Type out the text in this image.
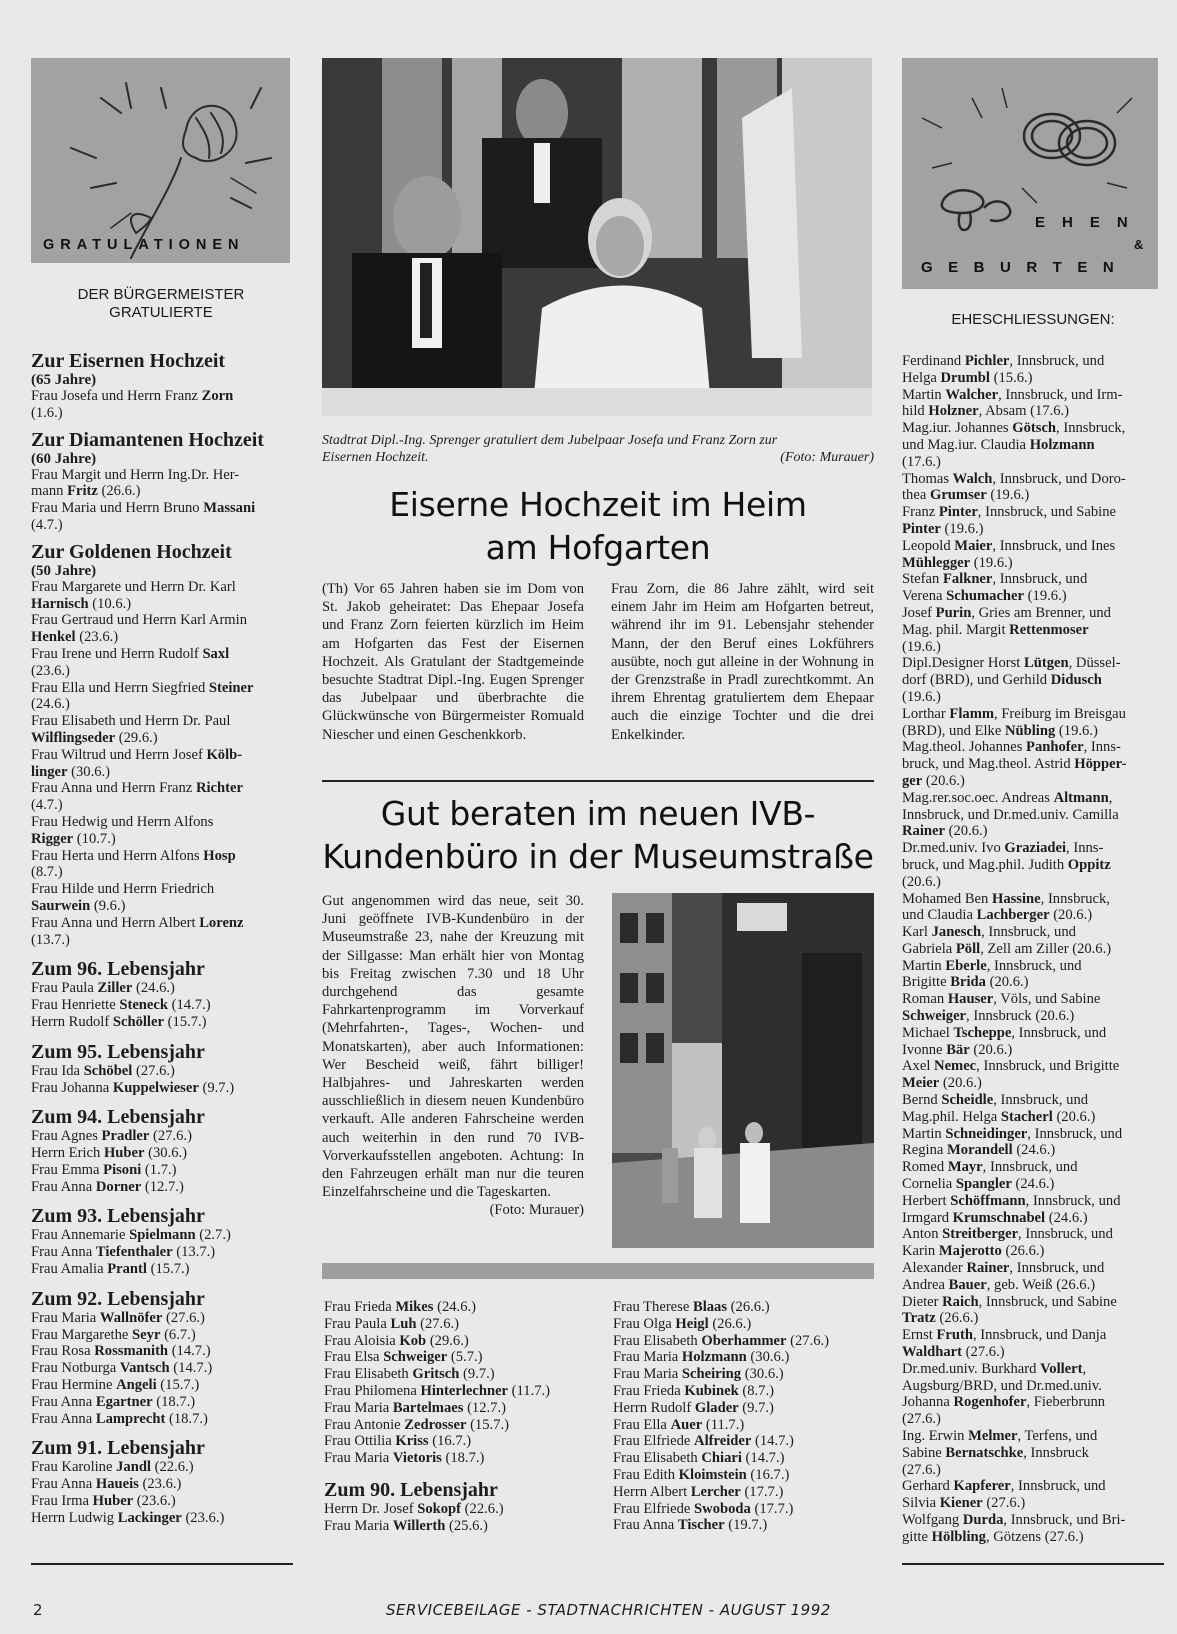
GRATULATIONEN
DER BÜRGERMEISTER
GRATULIERTE
Zur Eisernen Hochzeit
(65 Jahre)
Frau Josefa und Herrn Franz Zorn
(1.6.)
Zur Diamantenen Hochzeit
(60 Jahre)
Frau Margit und Herrn Ing.Dr. Her-
mann Fritz (26.6.)
Frau Maria und Herrn Bruno Massani
(4.7.)
Zur Goldenen Hochzeit
(50 Jahre)
Frau Margarete und Herrn Dr. Karl
Harnisch (10.6.)
Frau Gertraud und Herrn Karl Armin
Henkel (23.6.)
Frau Irene und Herrn Rudolf Saxl
(23.6.)
Frau Ella und Herrn Siegfried Steiner
(24.6.)
Frau Elisabeth und Herrn Dr. Paul
Wilflingseder (29.6.)
Frau Wiltrud und Herrn Josef Kölb-
linger (30.6.)
Frau Anna und Herrn Franz Richter
(4.7.)
Frau Hedwig und Herrn Alfons
Rigger (10.7.)
Frau Herta und Herrn Alfons Hosp
(8.7.)
Frau Hilde und Herrn Friedrich
Saurwein (9.6.)
Frau Anna und Herrn Albert Lorenz
(13.7.)
Zum 96. Lebensjahr
Frau Paula Ziller (24.6.)
Frau Henriette Steneck (14.7.)
Herrn Rudolf Schöller (15.7.)
Zum 95. Lebensjahr
Frau Ida Schöbel (27.6.)
Frau Johanna Kuppelwieser (9.7.)
Zum 94. Lebensjahr
Frau Agnes Pradler (27.6.)
Herrn Erich Huber (30.6.)
Frau Emma Pisoni (1.7.)
Frau Anna Dorner (12.7.)
Zum 93. Lebensjahr
Frau Annemarie Spielmann (2.7.)
Frau Anna Tiefenthaler (13.7.)
Frau Amalia Prantl (15.7.)
Zum 92. Lebensjahr
Frau Maria Wallnöfer (27.6.)
Frau Margarethe Seyr (6.7.)
Frau Rosa Rossmanith (14.7.)
Frau Notburga Vantsch (14.7.)
Frau Hermine Angeli (15.7.)
Frau Anna Egartner (18.7.)
Frau Anna Lamprecht (18.7.)
Zum 91. Lebensjahr
Frau Karoline Jandl (22.6.)
Frau Anna Haueis (23.6.)
Frau Irma Huber (23.6.)
Herrn Ludwig Lackinger (23.6.)
Stadtrat Dipl.-Ing. Sprenger gratuliert dem Jubelpaar Josefa und Franz Zorn zur
Eisernen Hochzeit.	(Foto: Murauer)
Eiserne Hochzeit im Heim
am Hofgarten
(Th) Vor 65 Jahren haben sie im Dom von St. Jakob geheiratet: Das Ehepaar Josefa und Franz Zorn feierten kürzlich im Heim am Hofgarten das Fest der Eisernen Hochzeit. Als Gratulant der Stadtgemeinde besuchte Stadtrat Dipl.-Ing. Eugen Sprenger das Jubelpaar und überbrachte die Glückwünsche von Bürgermeister Romuald Niescher und einen Geschenkkorb.
Frau Zorn, die 86 Jahre zählt, wird seit einem Jahr im Heim am Hofgarten betreut, während ihr im 91. Lebensjahr stehender Mann, der den Beruf eines Lokführers ausübte, noch gut alleine in der Wohnung in der Grenzstraße in Pradl zurechtkommt. An ihrem Ehrentag gratuliertem dem Ehepaar auch die einzige Tochter und die drei Enkelkinder.
Gut beraten im neuen IVB-
Kundenbüro in der Museumstraße
Gut angenommen wird das neue, seit 30. Juni geöffnete IVB-Kundenbüro in der Museumstraße 23, nahe der Kreuzung mit der Sillgasse: Man erhält hier von Montag bis Freitag zwischen 7.30 und 18 Uhr durchgehend das gesamte Fahrkartenprogramm im Vorverkauf (Mehrfahrten-, Tages-, Wochen- und Monatskarten), aber auch Informationen: Wer Bescheid weiß, fährt billiger! Halbjahres- und Jahreskarten werden ausschließlich in diesem neuen Kundenbüro verkauft. Alle anderen Fahrscheine werden auch weiterhin in den rund 70 IVB-Vorverkaufsstellen angeboten. Achtung: In den Fahrzeugen erhält man nur die teuren Einzelfahrscheine und die Tageskarten.
(Foto: Murauer)
Frau Frieda Mikes (24.6.)
Frau Paula Luh (27.6.)
Frau Aloisia Kob (29.6.)
Frau Elsa Schweiger (5.7.)
Frau Elisabeth Gritsch (9.7.)
Frau Philomena Hinterlechner (11.7.)
Frau Maria Bartelmaes (12.7.)
Frau Antonie Zedrosser (15.7.)
Frau Ottilia Kriss (16.7.)
Frau Maria Vietoris (18.7.)
Zum 90. Lebensjahr
Herrn Dr. Josef Sokopf (22.6.)
Frau Maria Willerth (25.6.)
Frau Therese Blaas (26.6.)
Frau Olga Heigl (26.6.)
Frau Elisabeth Oberhammer (27.6.)
Frau Maria Holzmann (30.6.)
Frau Maria Scheiring (30.6.)
Frau Frieda Kubinek (8.7.)
Herrn Rudolf Glader (9.7.)
Frau Ella Auer (11.7.)
Frau Elfriede Alfreider (14.7.)
Frau Elisabeth Chiari (14.7.)
Frau Edith Kloimstein (16.7.)
Herrn Albert Lercher (17.7.)
Frau Elfriede Swoboda (17.7.)
Frau Anna Tischer (19.7.)
EHEN
&
GEBURTEN
EHESCHLIESSUNGEN:
Ferdinand Pichler, Innsbruck, und
Helga Drumbl (15.6.)
Martin Walcher, Innsbruck, und Irm-
hild Holzner, Absam (17.6.)
Mag.iur. Johannes Götsch, Innsbruck,
und Mag.iur. Claudia Holzmann
(17.6.)
Thomas Walch, Innsbruck, und Doro-
thea Grumser (19.6.)
Franz Pinter, Innsbruck, und Sabine
Pinter (19.6.)
Leopold Maier, Innsbruck, und Ines
Mühlegger (19.6.)
Stefan Falkner, Innsbruck, und
Verena Schumacher (19.6.)
Josef Purin, Gries am Brenner, und
Mag. phil. Margit Rettenmoser
(19.6.)
Dipl.Designer Horst Lütgen, Düssel-
dorf (BRD), und Gerhild Didusch
(19.6.)
Lorthar Flamm, Freiburg im Breisgau
(BRD), und Elke Nübling (19.6.)
Mag.theol. Johannes Panhofer, Inns-
bruck, und Mag.theol. Astrid Höpper-
ger (20.6.)
Mag.rer.soc.oec. Andreas Altmann,
Innsbruck, und Dr.med.univ. Camilla
Rainer (20.6.)
Dr.med.univ. Ivo Graziadei, Inns-
bruck, und Mag.phil. Judith Oppitz
(20.6.)
Mohamed Ben Hassine, Innsbruck,
und Claudia Lachberger (20.6.)
Karl Janesch, Innsbruck, und
Gabriela Pöll, Zell am Ziller (20.6.)
Martin Eberle, Innsbruck, und
Brigitte Brida (20.6.)
Roman Hauser, Völs, und Sabine
Schweiger, Innsbruck (20.6.)
Michael Tscheppe, Innsbruck, und
Ivonne Bär (20.6.)
Axel Nemec, Innsbruck, und Brigitte
Meier (20.6.)
Bernd Scheidle, Innsbruck, und
Mag.phil. Helga Stacherl (20.6.)
Martin Schneidinger, Innsbruck, und
Regina Morandell (24.6.)
Romed Mayr, Innsbruck, und
Cornelia Spangler (24.6.)
Herbert Schöffmann, Innsbruck, und
Irmgard Krumschnabel (24.6.)
Anton Streitberger, Innsbruck, und
Karin Majerotto (26.6.)
Alexander Rainer, Innsbruck, und
Andrea Bauer, geb. Weiß (26.6.)
Dieter Raich, Innsbruck, und Sabine
Tratz (26.6.)
Ernst Fruth, Innsbruck, und Danja
Waldhart (27.6.)
Dr.med.univ. Burkhard Vollert,
Augsburg/BRD, und Dr.med.univ.
Johanna Rogenhofer, Fieberbrunn
(27.6.)
Ing. Erwin Melmer, Terfens, und
Sabine Bernatschke, Innsbruck
(27.6.)
Gerhard Kapferer, Innsbruck, und
Silvia Kiener (27.6.)
Wolfgang Durda, Innsbruck, und Bri-
gitte Hölbling, Götzens (27.6.)
2	SERVICEBEILAGE - STADTNACHRICHTEN - AUGUST 1992
